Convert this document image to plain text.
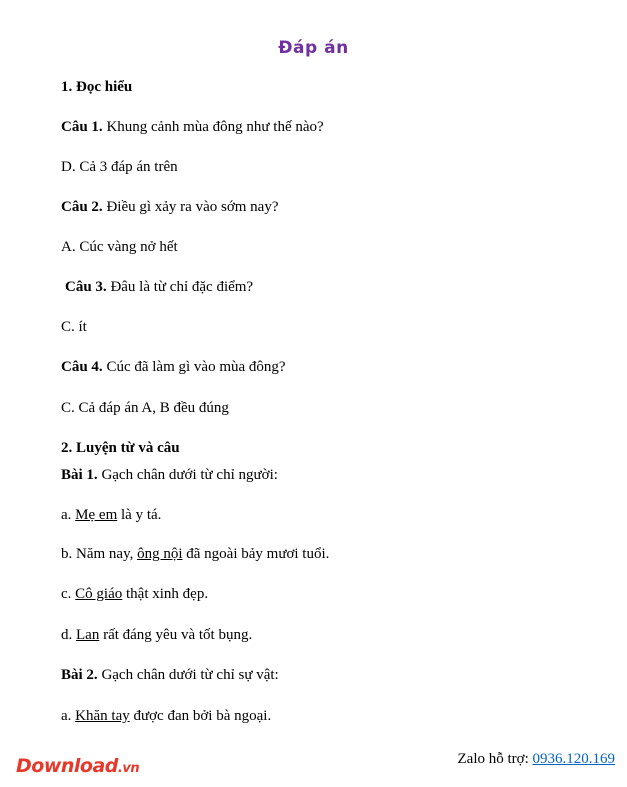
Đáp án
1. Đọc hiểu
Câu 1. Khung cảnh mùa đông như thế nào?
D. Cả 3 đáp án trên
Câu 2. Điều gì xảy ra vào sớm nay?
A. Cúc vàng nở hết
Câu 3. Đâu là từ chỉ đặc điểm?
C. ít
Câu 4. Cúc đã làm gì vào mùa đông?
C. Cả đáp án A, B đều đúng
2. Luyện từ và câu
Bài 1. Gạch chân dưới từ chỉ người:
a. Mẹ em là y tá.
b. Năm nay, ông nội đã ngoài bảy mươi tuổi.
c. Cô giáo thật xinh đẹp.
d. Lan rất đáng yêu và tốt bụng.
Bài 2. Gạch chân dưới từ chỉ sự vật:
a. Khăn tay được đan bởi bà ngoại.
Download.vn
Zalo hỗ trợ: 0936.120.169
